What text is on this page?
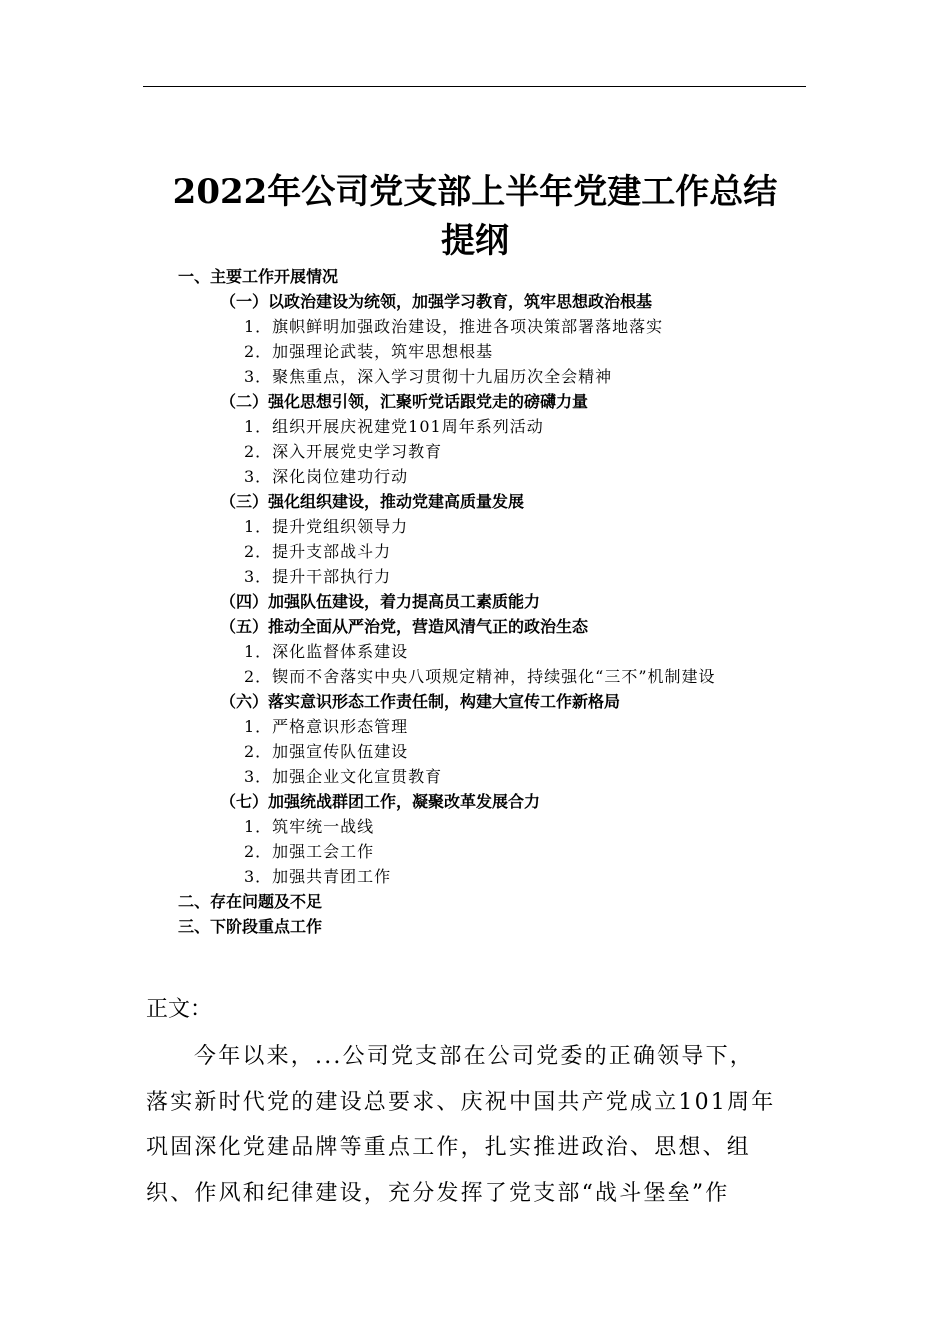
2022年公司党支部上半年党建工作总结
提纲
一、主要工作开展情况
（一）以政治建设为统领，加强学习教育，筑牢思想政治根基
1．旗帜鲜明加强政治建设，推进各项决策部署落地落实
2．加强理论武装，筑牢思想根基
3．聚焦重点，深入学习贯彻十九届历次全会精神
（二）强化思想引领，汇聚听党话跟党走的磅礴力量
1．组织开展庆祝建党101周年系列活动
2．深入开展党史学习教育
3．深化岗位建功行动
（三）强化组织建设，推动党建高质量发展
1．提升党组织领导力
2．提升支部战斗力
3．提升干部执行力
（四）加强队伍建设，着力提高员工素质能力
（五）推动全面从严治党，营造风清气正的政治生态
1．深化监督体系建设
2．锲而不舍落实中央八项规定精神，持续强化“三不”机制建设
（六）落实意识形态工作责任制，构建大宣传工作新格局
1．严格意识形态管理
2．加强宣传队伍建设
3．加强企业文化宣贯教育
（七）加强统战群团工作，凝聚改革发展合力
1．筑牢统一战线
2．加强工会工作
3．加强共青团工作
二、存在问题及不足
三、下阶段重点工作
正文：
今年以来，...公司党支部在公司党委的正确领导下，
落实新时代党的建设总要求、庆祝中国共产党成立101周年
巩固深化党建品牌等重点工作，扎实推进政治、思想、组
织、作风和纪律建设，充分发挥了党支部“战斗堡垒”作
